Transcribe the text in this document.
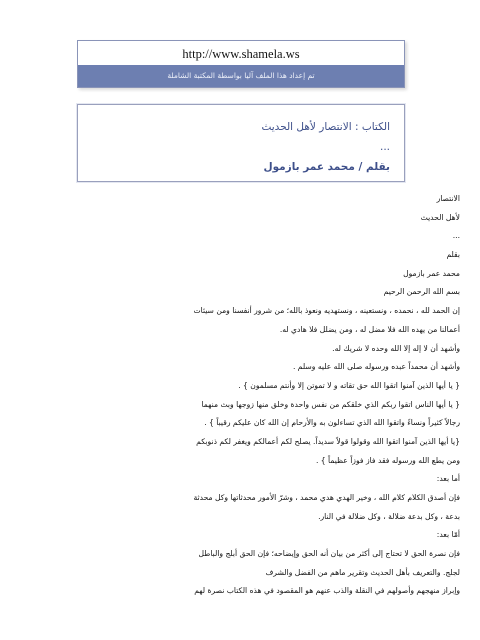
http://www.shamela.ws
تم إعداد هذا الملف آليا بواسطة المكتبة الشاملة
الكتاب : الانتصار لأهل الحديث
...
بقلم / محمد عمر بازمول
الانتصار
لأهل الحديث
...
بقلم
محمد عمر بازمول
بسم الله الرحمن الرحيم
إن الحمد لله ، نحمده ، ونستعينه ، ونستهديه ونعوذ بالله؛ من شرور أنفسنا ومن سيئات
أعمالنا من يهده الله فلا مضل له ، ومن يضلل فلا هادي له.
وأشهد أن لا إله إلا الله وحده لا شريك له.
وأشهد أن محمداً عبده ورسوله صلى الله عليه وسلم .
{ يا أيها الذين آمنوا اتقوا الله حق تقاته و لا تموتن إلا وأنتم مسلمون } .
{ يا أيها الناس اتقوا ربكم الذي خلقكم من نفس واحدة وخلق منها زوجها وبث منهما
رجالاً كثيراً ونساءً واتقوا الله الذي تساءلون به والأرحام إن الله كان عليكم رقيباً } .
{يا أيها الذين آمنوا اتقوا الله وقولوا قولاً سديداً. يصلح لكم أعمالكم ويغفر لكم ذنوبكم
ومن يطع الله ورسوله فقد فاز فوزاً عظيماً } .
أما بعد:
فإن أصدق الكلام كلام الله ، وخير الهدي هدي محمد ، وشرّ الأمور محدثاتها وكل محدثة
بدعة ، وكل بدعة ضلالة ، وكل ضلالة في النار.
أمّا بعد:
فإن نصرة الحق لا تحتاج إلى أكثر من بيان أنه الحق وإيضاحه؛ فإن الحق أبلج والباطل
لجلج. والتعريف بأهل الحديث وتقرير ماهم من الفضل والشرف
وإبراز منهجهم وأصولهم في النقلة والذب عنهم هو المقصود في هذه الكتاب نصرة لهم
